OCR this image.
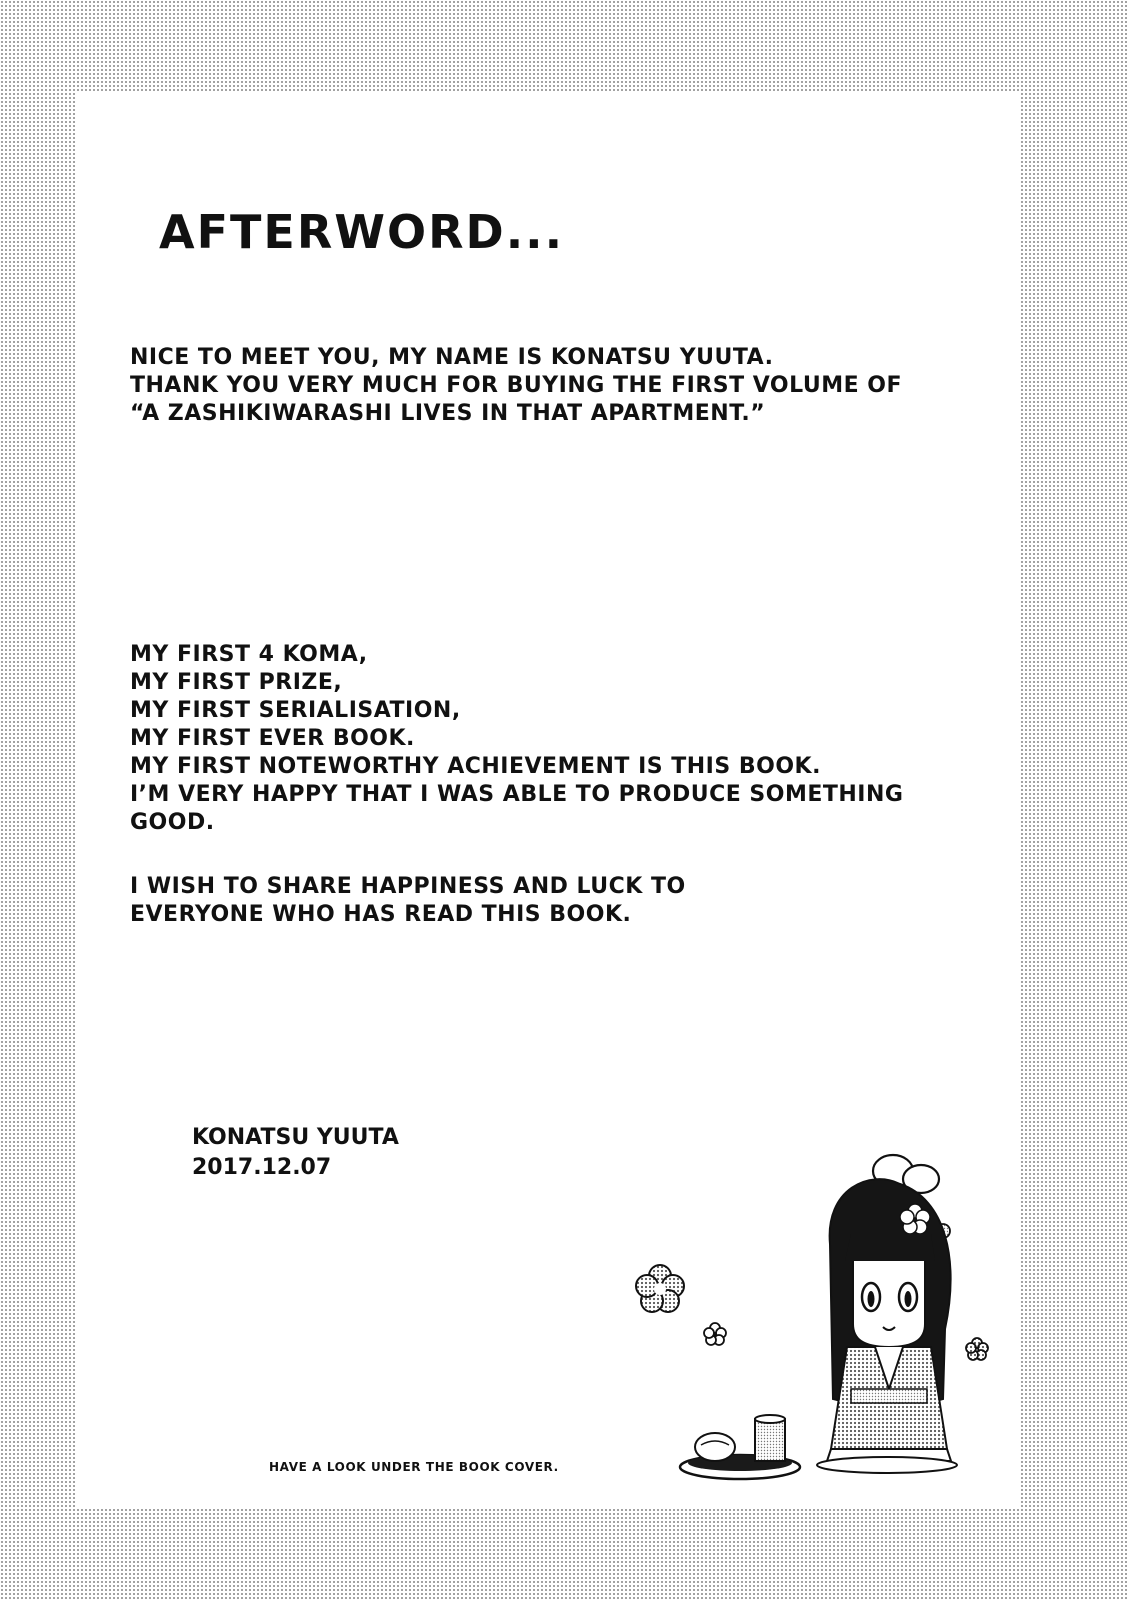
AFTERWORD...
NICE TO MEET YOU, MY NAME IS KONATSU YUUTA.
THANK YOU VERY MUCH FOR BUYING THE FIRST VOLUME OF
“A ZASHIKIWARASHI LIVES IN THAT APARTMENT.”
MY FIRST 4 KOMA,
MY FIRST PRIZE,
MY FIRST SERIALISATION,
MY FIRST EVER BOOK.
MY FIRST NOTEWORTHY ACHIEVEMENT IS THIS BOOK.
I’M VERY HAPPY THAT I WAS ABLE TO PRODUCE SOMETHING
GOOD.
I WISH TO SHARE HAPPINESS AND LUCK TO
EVERYONE WHO HAS READ THIS BOOK.
KONATSU YUUTA
2017.12.07
HAVE A LOOK UNDER THE BOOK COVER.
